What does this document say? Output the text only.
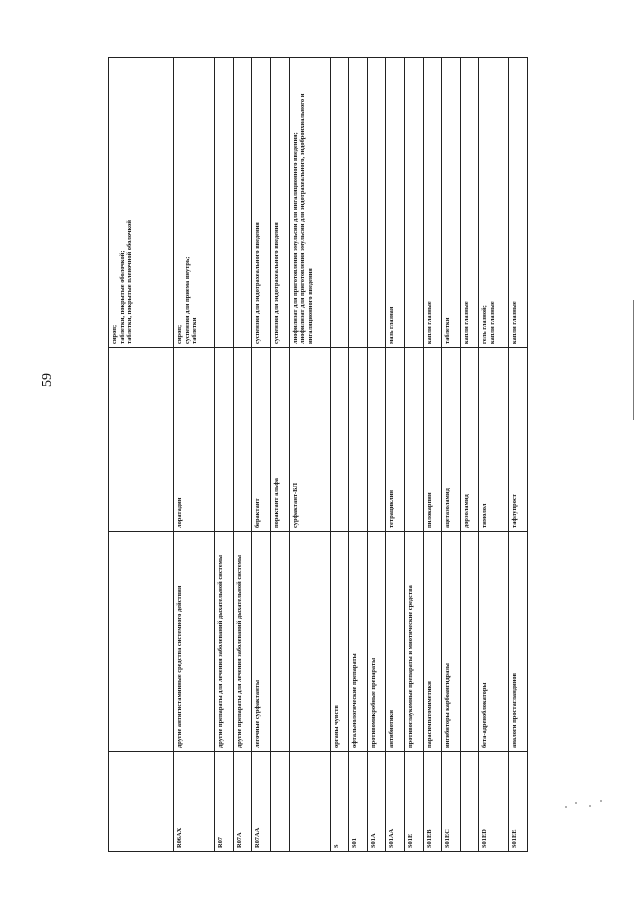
59

			сироп; таблетки, покрытые оболочкой; таблетки, покрытые пленочной оболочкой

R06AX	другие антигистаминные средства системного действия	лоратадин	сироп; суспензия для приема внутрь; таблетки

R07	другие препараты для лечения заболеваний дыхательной системы		
R07A	другие препараты для лечения заболеваний дыхательной системы		
R07AA	легочные сурфактанты	берактант	суспензия для эндотрахеального введения

		порактант альфа	суспензия для эндотрахеального введения

		сурфактант-БЛ	лиофилизат для приготовления эмульсии для ингаляционного введения; лиофилизат для приготовления эмульсии для эндотрахеального, эндобронхиального и ингаляционного введения

S	органы чувств		
S01	офтальмологические препараты		
S01A	противомикробные препараты		
S01AA	антибиотики	тетрациклин	мазь глазная

S01E	противоглаукомные препараты и миотические средства		
S01EB	парасимпатомиметики	пилокарпин	капли глазные

S01EC	ингибиторы карбоангидразы	ацетазоламид	таблетки

		дорзоламид	капли глазные

S01ED	бета-адреноблокаторы	тимолол	гель глазной; капли глазные

S01EE	аналоги простагландинов	тафлупрост	капли глазные
